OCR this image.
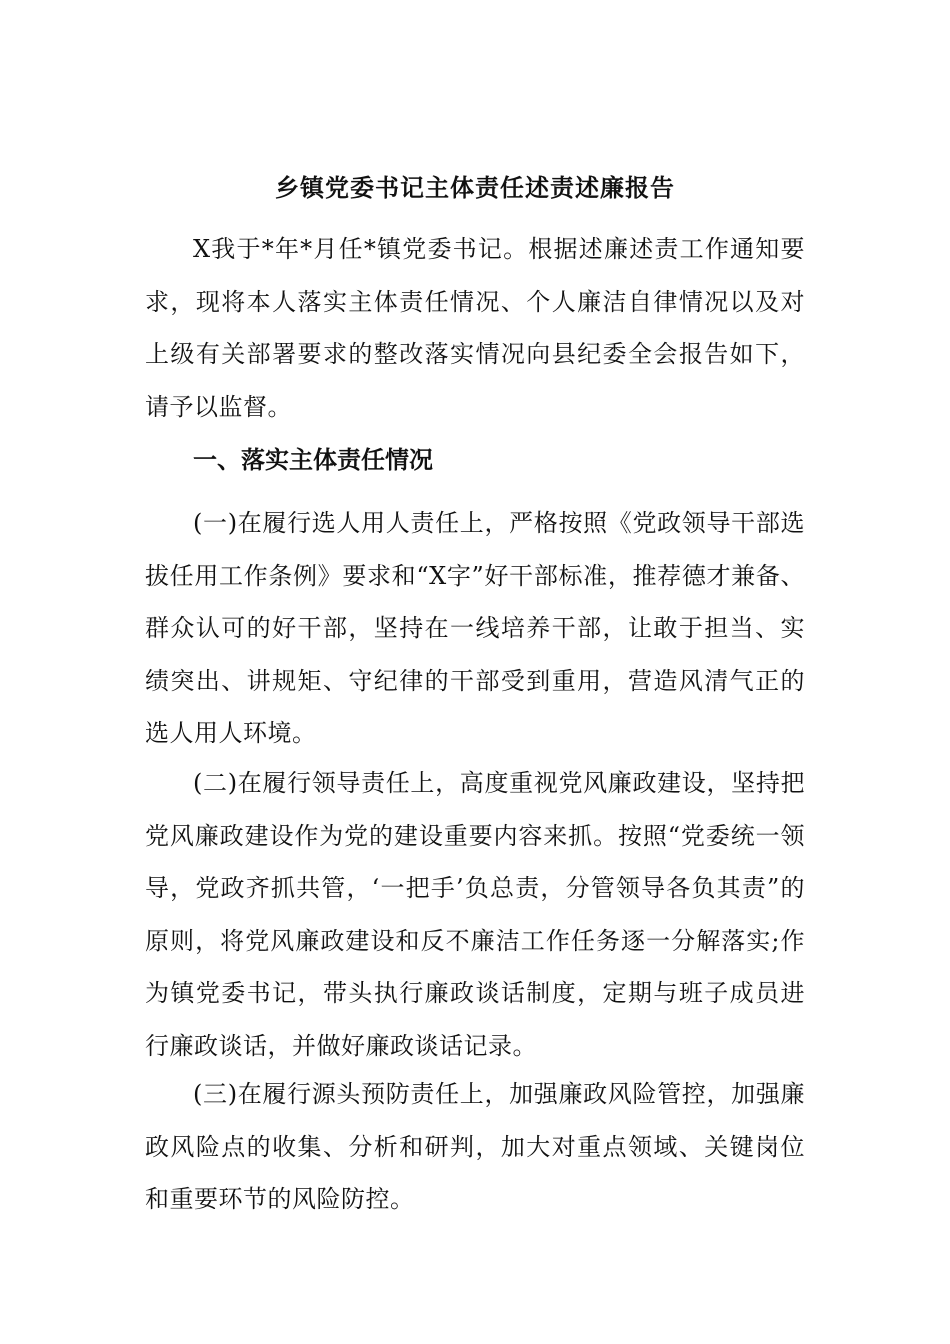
乡镇党委书记主体责任述责述廉报告

X我于*年*月任*镇党委书记。根据述廉述责工作通知要求，现将本人落实主体责任情况、个人廉洁自律情况以及对上级有关部署要求的整改落实情况向县纪委全会报告如下，请予以监督。

一、落实主体责任情况

(一)在履行选人用人责任上，严格按照《党政领导干部选拔任用工作条例》要求和“X字”好干部标准，推荐德才兼备、群众认可的好干部，坚持在一线培养干部，让敢于担当、实绩突出、讲规矩、守纪律的干部受到重用，营造风清气正的选人用人环境。

(二)在履行领导责任上，高度重视党风廉政建设，坚持把党风廉政建设作为党的建设重要内容来抓。按照“党委统一领导，党政齐抓共管，‘一把手’负总责，分管领导各负其责”的原则，将党风廉政建设和反不廉洁工作任务逐一分解落实;作为镇党委书记，带头执行廉政谈话制度，定期与班子成员进行廉政谈话，并做好廉政谈话记录。

(三)在履行源头预防责任上，加强廉政风险管控，加强廉政风险点的收集、分析和研判，加大对重点领域、关键岗位和重要环节的风险防控。
